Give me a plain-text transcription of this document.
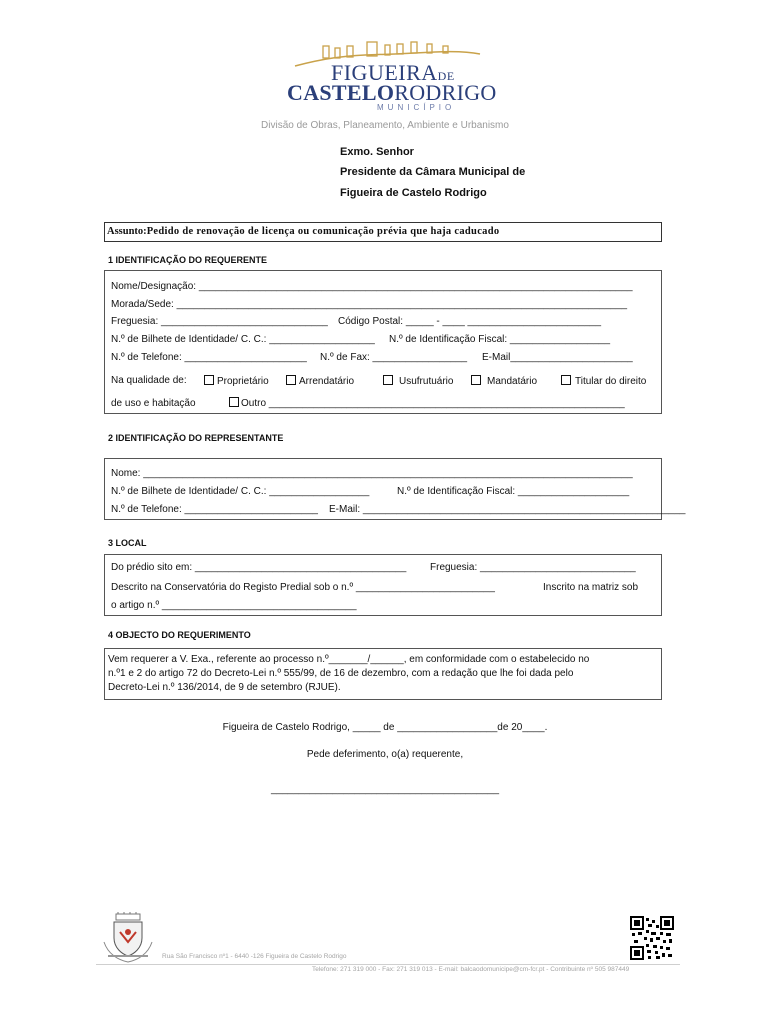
FIGUEIRADE
CASTELORODRIGO
MUNICÍPIO
Divisão de Obras, Planeamento, Ambiente e Urbanismo
Exmo. Senhor
Presidente da Câmara Municipal de
Figueira de Castelo Rodrigo
Assunto:Pedido de renovação de licença ou comunicação prévia que haja caducado
1 IDENTIFICAÇÃO DO REQUERENTE
Nome/Designação: ______________________________________________________________________________
Morada/Sede: _________________________________________________________________________________
Freguesia: ______________________________ Código Postal: _____ - ____ ________________________
N.º de Bilhete de Identidade/ C. C.: ___________________ N.º de Identificação Fiscal: __________________
N.º de Telefone: ______________________ N.º de Fax: _________________ E-Mail______________________
Na qualidade de:	Proprietário	Arrendatário	Usufrutuário	Mandatário	Titular do direito
de uso e habitação	Outro ________________________________________________________________
2 IDENTIFICAÇÃO DO REPRESENTANTE
Nome: ________________________________________________________________________________________
N.º de Bilhete de Identidade/ C. C.: __________________	N.º de Identificação Fiscal: ____________________
N.º de Telefone: ________________________ E-Mail: __________________________________________________________
3 LOCAL
Do prédio sito em: ______________________________________ Freguesia: ____________________________
Descrito na Conservatória do Registo Predial sob o n.º _________________________	Inscrito na matriz sob
o artigo n.º ___________________________________
4 OBJECTO DO REQUERIMENTO
Vem requerer a V. Exa., referente ao processo n.º_______/______, em conformidade com o estabelecido no
n.º1 e 2 do artigo 72 do Decreto-Lei n.º 555/99, de 16 de dezembro, com a redação que lhe foi dada pelo
Decreto-Lei n.º 136/2014, de 9 de setembro (RJUE).
Figueira de Castelo Rodrigo, _____ de __________________de 20____.
Pede deferimento, o(a) requerente,
_________________________________________
Rua São Francisco nº1 - 6440 -126 Figueira de Castelo Rodrigo
Telefone: 271 319 000 - Fax: 271 319 013 - E-mail: balcaodomunicipe@cm-fcr.pt - Contribuinte nº 505 987449
